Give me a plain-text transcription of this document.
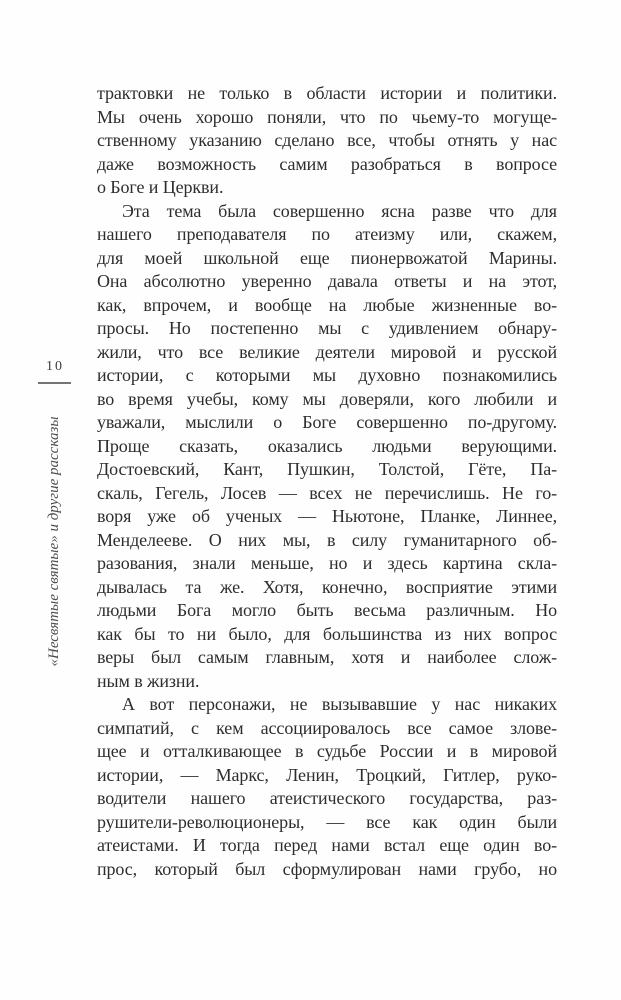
10
«Несвятые святые» и другие рассказы
трактовки не только в области истории и политики.
Мы очень хорошо поняли, что по чьему-то могуще-
ственному указанию сделано все, чтобы отнять у нас
даже возможность самим разобраться в вопросе
о Боге и Церкви.
Эта тема была совершенно ясна разве что для
нашего преподавателя по атеизму или, скажем,
для моей школьной еще пионервожатой Марины.
Она абсолютно уверенно давала ответы и на этот,
как, впрочем, и вообще на любые жизненные во-
просы. Но постепенно мы с удивлением обнару-
жили, что все великие деятели мировой и русской
истории, с которыми мы духовно познакомились
во время учебы, кому мы доверяли, кого любили и
уважали, мыслили о Боге совершенно по-другому.
Проще сказать, оказались людьми верующими.
Достоевский, Кант, Пушкин, Толстой, Гёте, Па-
скаль, Гегель, Лосев — всех не перечислишь. Не го-
воря уже об ученых — Ньютоне, Планке, Линнее,
Менделееве. О них мы, в силу гуманитарного об-
разования, знали меньше, но и здесь картина скла-
дывалась та же. Хотя, конечно, восприятие этими
людьми Бога могло быть весьма различным. Но
как бы то ни было, для большинства из них вопрос
веры был самым главным, хотя и наиболее слож-
ным в жизни.
А вот персонажи, не вызывавшие у нас никаких
симпатий, с кем ассоциировалось все самое злове-
щее и отталкивающее в судьбе России и в мировой
истории, — Маркс, Ленин, Троцкий, Гитлер, руко-
водители нашего атеистического государства, раз-
рушители-революционеры, — все как один были
атеистами. И тогда перед нами встал еще один во-
прос, который был сформулирован нами грубо, но
